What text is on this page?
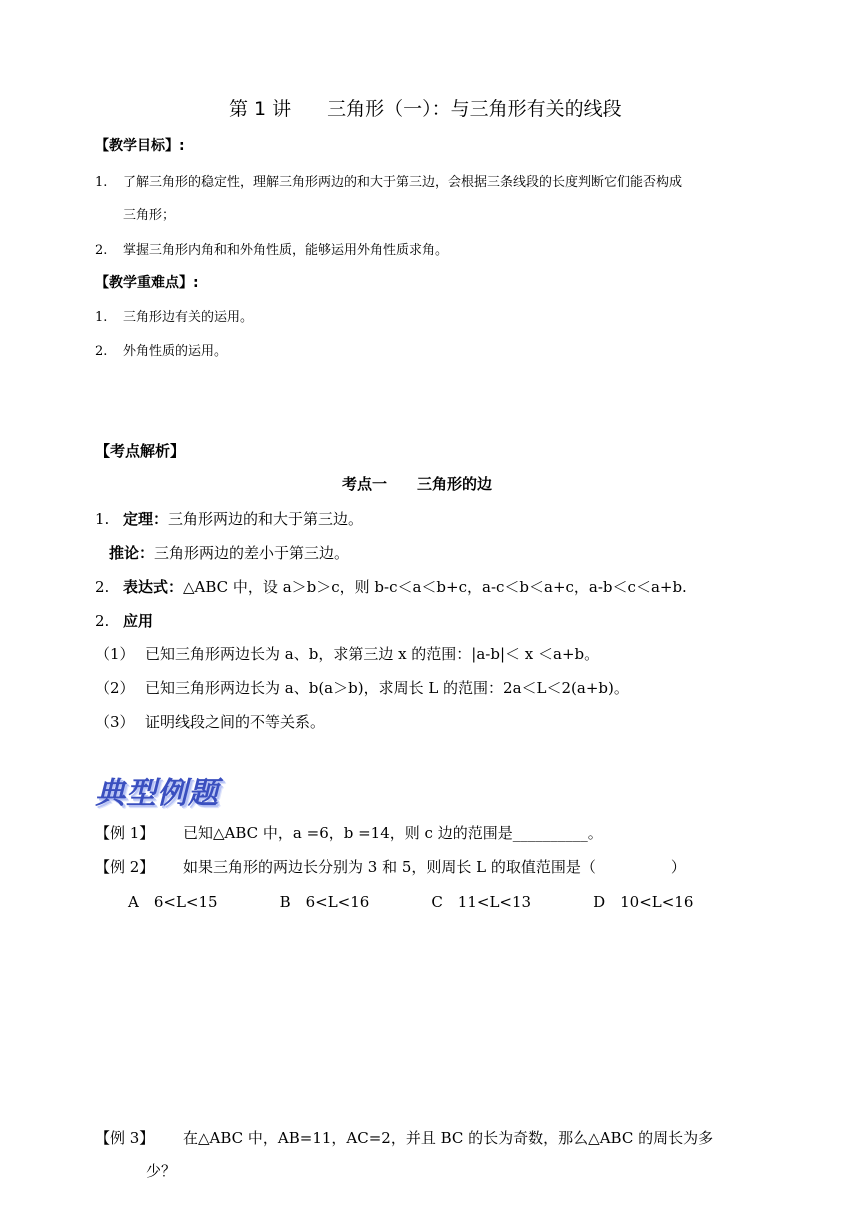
第 1 讲 三角形（一）：与三角形有关的线段
【教学目标】:
1. 了解三角形的稳定性，理解三角形两边的和大于第三边，会根据三条线段的长度判断它们能否构成
三角形；
2. 掌握三角形内角和和外角性质，能够运用外角性质求角。
【教学重难点】:
1. 三角形边有关的运用。
2. 外角性质的运用。
【考点解析】
考点一　　三角形的边
1. 定理：三角形两边的和大于第三边。
推论：三角形两边的差小于第三边。
2. 表达式：△ABC 中，设 a＞b＞c，则 b-c＜a＜b+c，a-c＜b＜a+c，a-b＜c＜a+b.
2. 应用
（1） 已知三角形两边长为 a、b，求第三边 x 的范围：|a-b|＜ x ＜a+b。
（2） 已知三角形两边长为 a、b(a＞b)，求周长 L 的范围：2a＜L＜2(a+b)。
（3） 证明线段之间的不等关系。
典型例题
【例 1】 已知△ABC 中，a =6，b =14，则 c 边的范围是__________。
【例 2】 如果三角形的两边长分别为 3 和 5，则周长 L 的取值范围是（　　　　　）
A　6<L<15	B　6<L<16	C　11<L<13	D　10<L<16
【例 3】 在△ABC 中，AB=11，AC=2，并且 BC 的长为奇数，那么△ABC 的周长为多
少？
